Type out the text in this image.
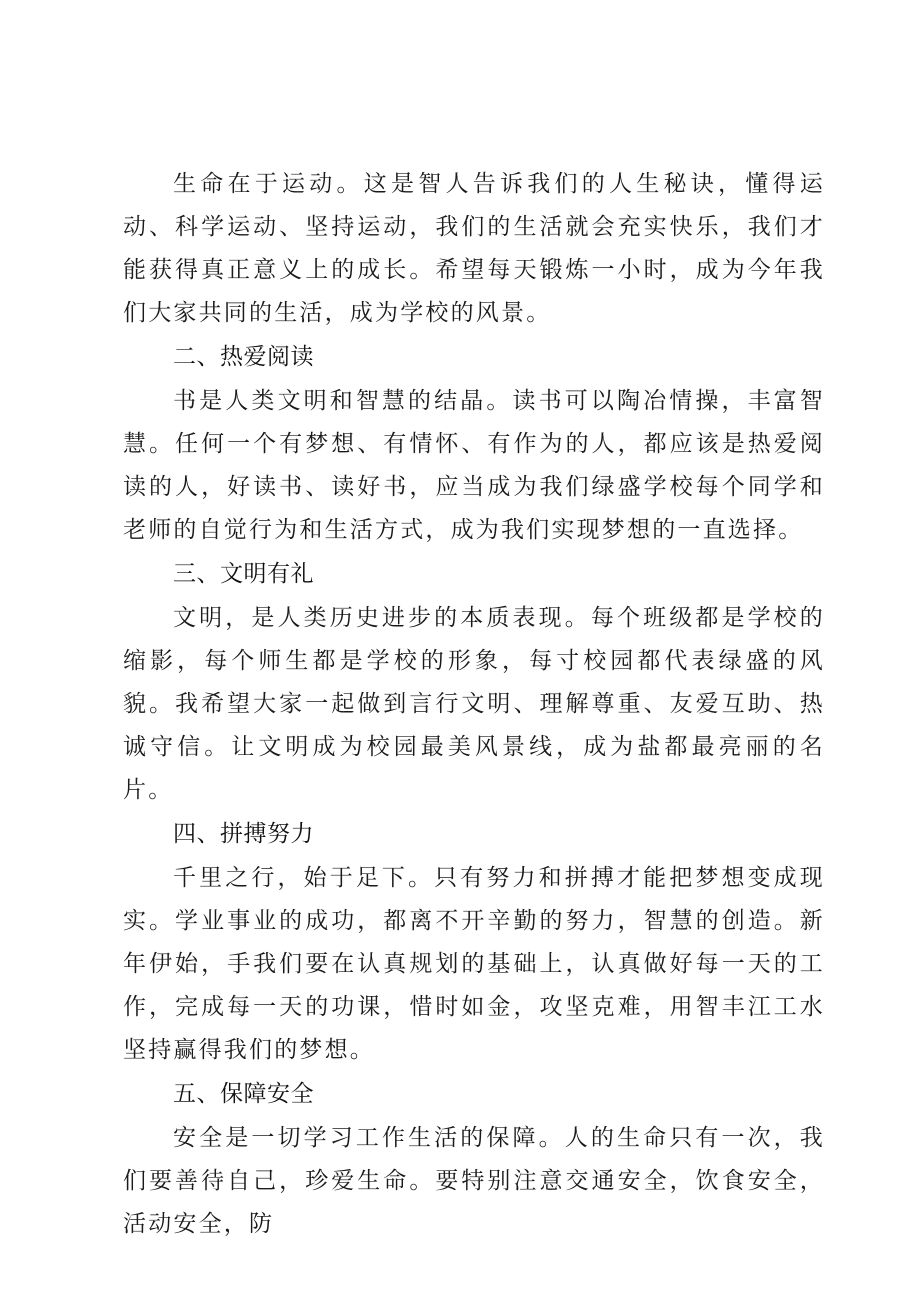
生命在于运动。这是智人告诉我们的人生秘诀，懂得运动、科学运动、坚持运动，我们的生活就会充实快乐，我们才能获得真正意义上的成长。希望每天锻炼一小时，成为今年我们大家共同的生活，成为学校的风景。

二、热爱阅读

书是人类文明和智慧的结晶。读书可以陶冶情操，丰富智慧。任何一个有梦想、有情怀、有作为的人，都应该是热爱阅读的人，好读书、读好书，应当成为我们绿盛学校每个同学和老师的自觉行为和生活方式，成为我们实现梦想的一直选择。

三、文明有礼

文明，是人类历史进步的本质表现。每个班级都是学校的缩影，每个师生都是学校的形象，每寸校园都代表绿盛的风貌。我希望大家一起做到言行文明、理解尊重、友爱互助、热诚守信。让文明成为校园最美风景线，成为盐都最亮丽的名片。

四、拼搏努力

千里之行，始于足下。只有努力和拼搏才能把梦想变成现实。学业事业的成功，都离不开辛勤的努力，智慧的创造。新年伊始，手我们要在认真规划的基础上，认真做好每一天的工作，完成每一天的功课，惜时如金，攻坚克难，用智丰江工水坚持赢得我们的梦想。

五、保障安全

安全是一切学习工作生活的保障。人的生命只有一次，我们要善待自己，珍爱生命。要特别注意交通安全，饮食安全，活动安全，防
